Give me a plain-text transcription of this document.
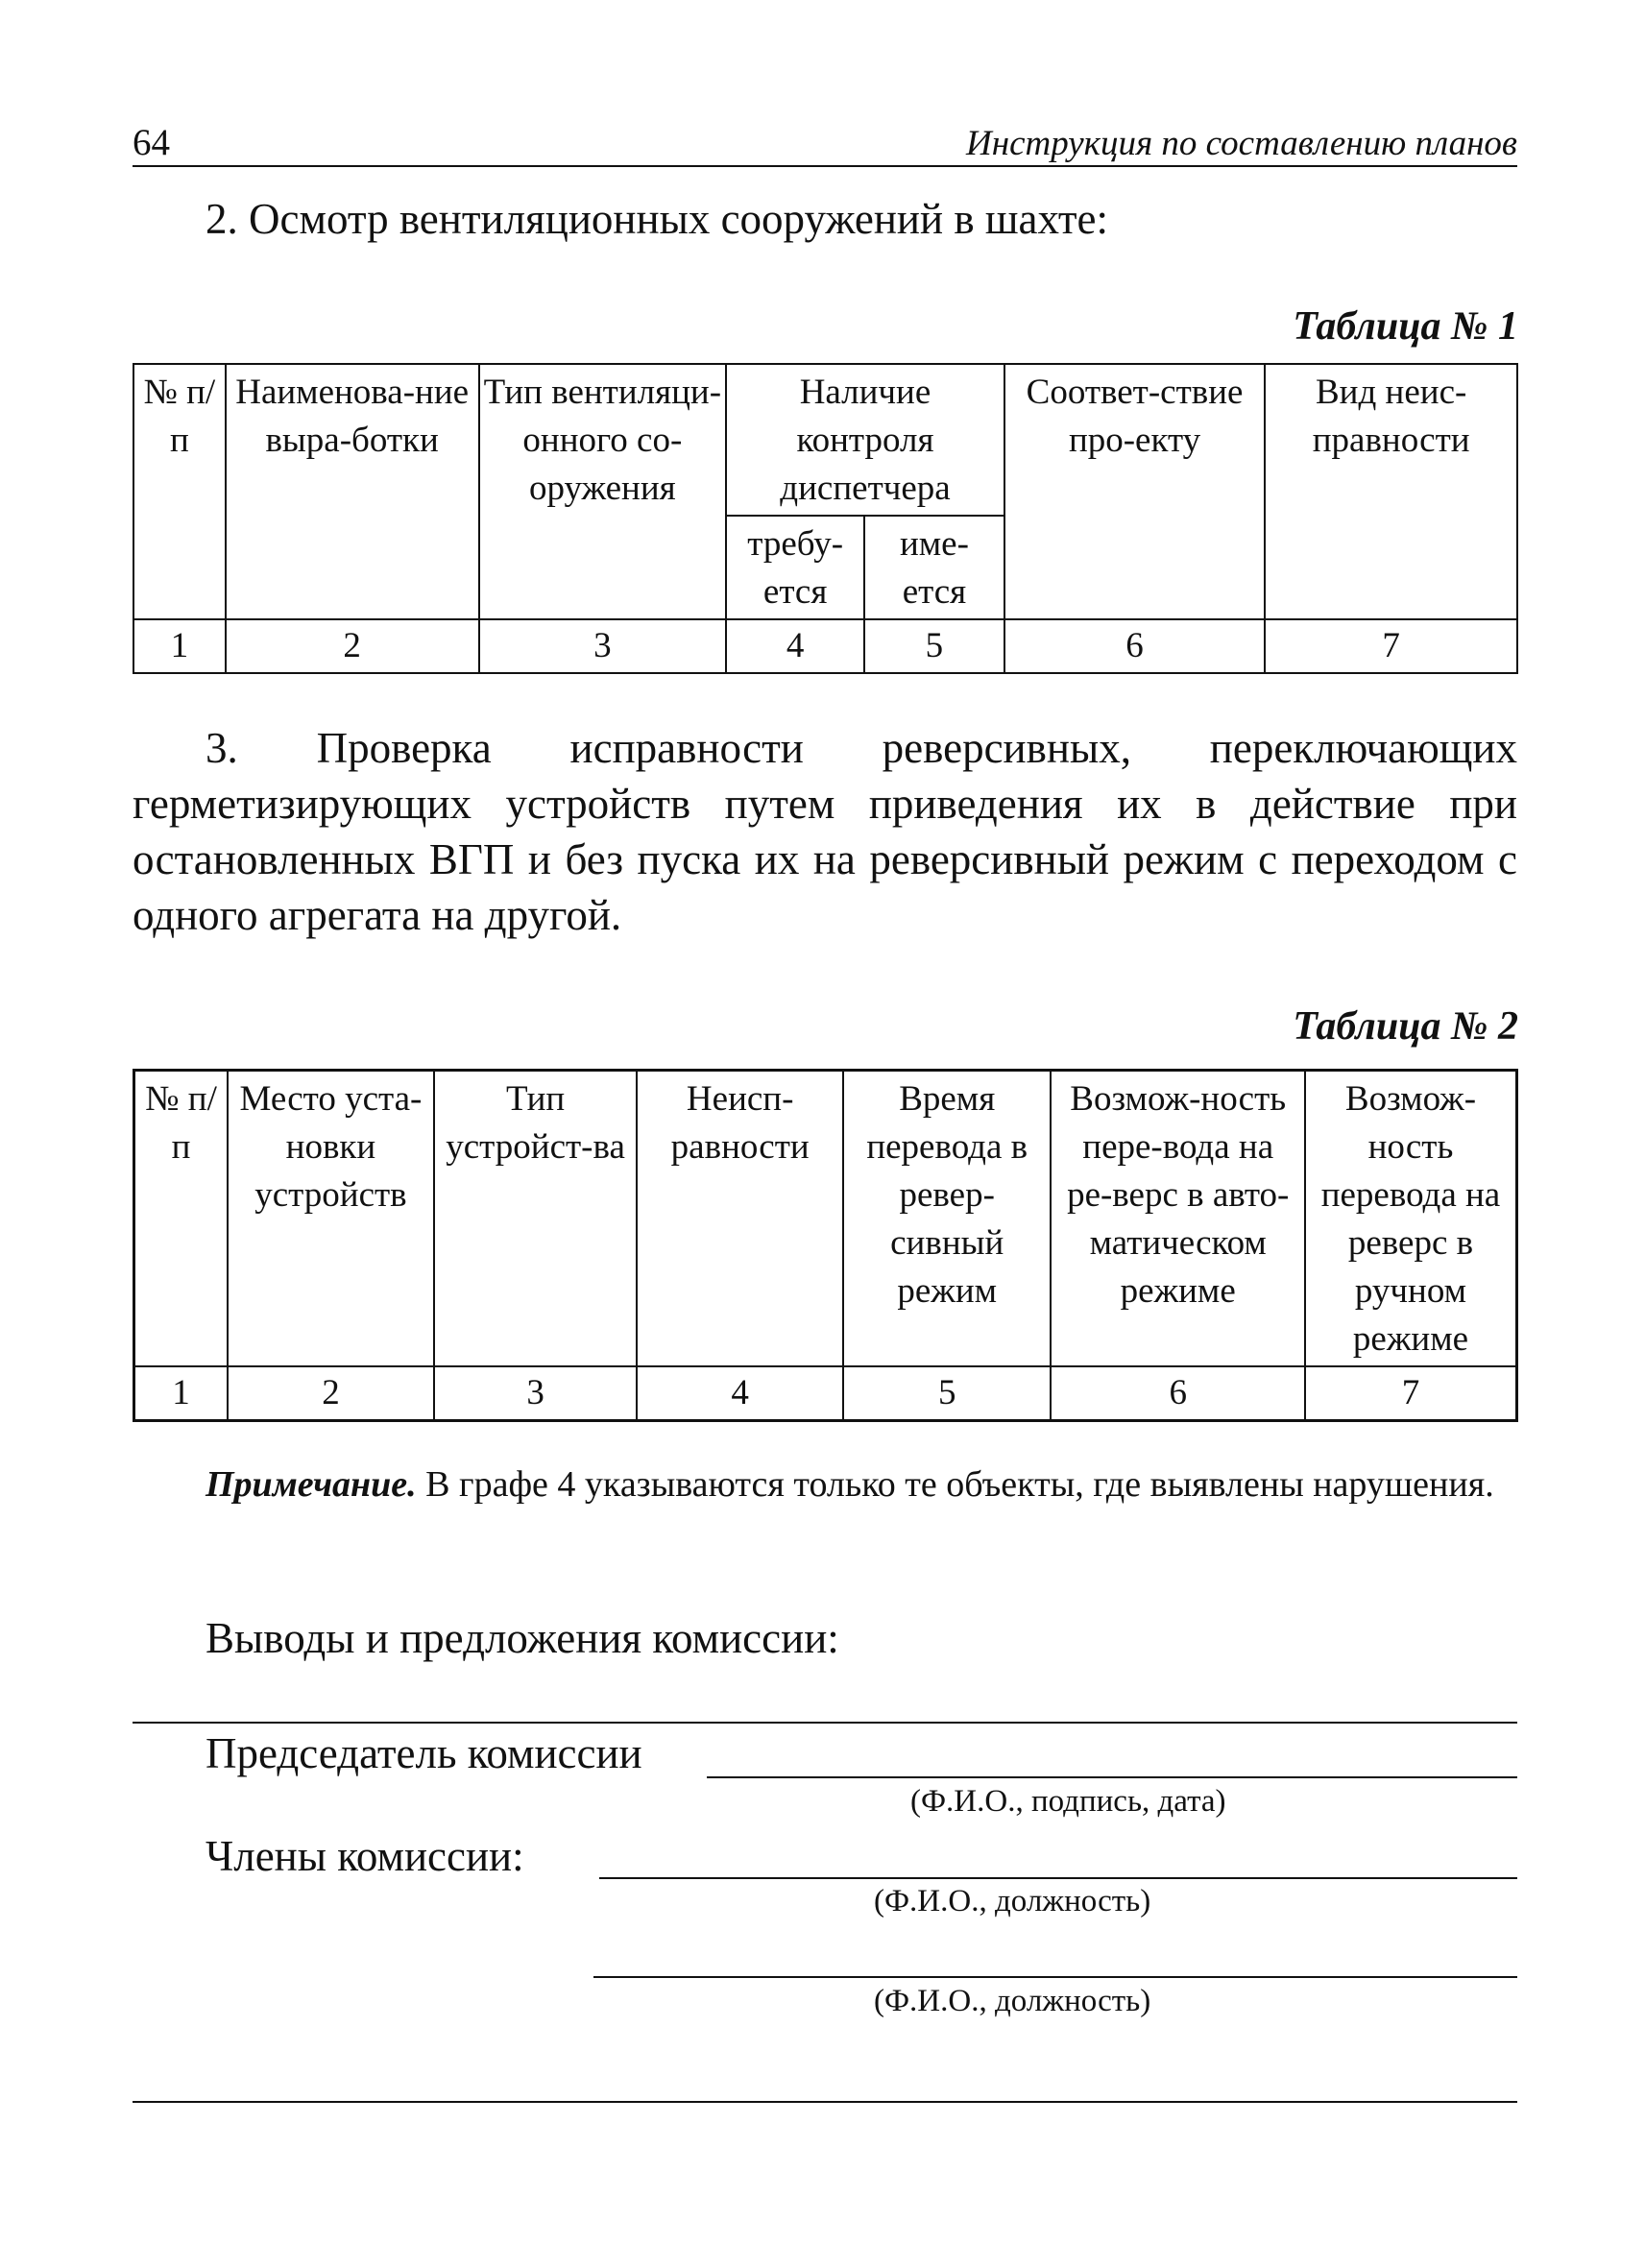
64	Инструкция по составлению планов
2. Осмотр вентиляционных сооружений в шахте:
Таблица № 1
№ п/п	Наименова-ние выра-ботки	Тип вентиляци-онного со-оружения	Наличие контроля диспетчера		Соответ-ствие про-екту	Вид неис-правности
			требу-ется	име-ется		
1	2	3	4	5	6	7
3. Проверка исправности реверсивных, переключающих герметизирующих устройств путем приведения их в действие при остановленных ВГП и без пуска их на реверсивный режим с переходом с одного агрегата на другой.
Таблица № 2
№ п/п	Место уста-новки устройств	Тип устройст-ва	Неисп-равности	Время перевода в ревер-сивный режим	Возмож-ность пере-вода на ре-верс в авто-матическом режиме	Возмож-ность перевода на реверс в ручном режиме
1	2	3	4	5	6	7
Примечание. В графе 4 указываются только те объекты, где выявлены нарушения.
Выводы и предложения комиссии:
Председатель комиссии
(Ф.И.О., подпись, дата)
Члены комиссии:
(Ф.И.О., должность)
(Ф.И.О., должность)
